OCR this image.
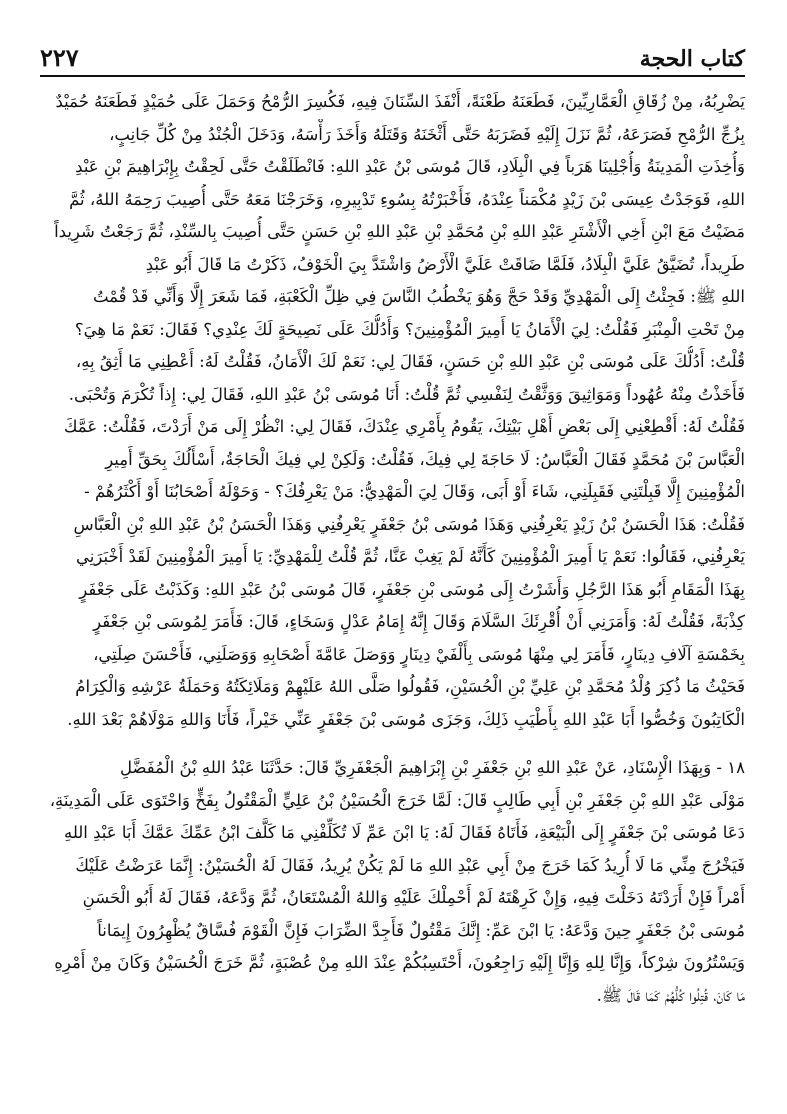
٢٢٧	كتاب الحجة
يَضْرِبُهُ، مِنْ زُقَاقِ الْعَمَّارِيِّينَ، فَطَعَنَهُ طَعْنَةً، أَنْفَذَ السِّنَانَ فِيهِ، فَكُسِرَ الرُّمْحُ وَحَمَلَ عَلَى حُمَيْدٍ فَطَعَنَهُ حُمَيْدٌ
بِزُجِّ الرُّمْحِ فَصَرَعَهُ، ثُمَّ نَزَلَ إِلَيْهِ فَضَرَبَهُ حَتَّى أَثْخَنَهُ وَقَتَلَهُ وَأَخَذَ رَأْسَهُ، وَدَخَلَ الْجُنْدُ مِنْ كُلِّ جَانِبٍ،
وَأُخِذَتِ الْمَدِينَةُ وَأُجْلِينَا هَرَباً فِي الْبِلَادِ، قَالَ مُوسَى بْنُ عَبْدِ اللهِ: فَانْطَلَقْتُ حَتَّى لَحِقْتُ بِإِبْرَاهِيمَ بْنِ عَبْدِ
اللهِ، فَوَجَدْتُ عِيسَى بْنَ زَيْدٍ مُكْمَناً عِنْدَهُ، فَأَخْبَرْتُهُ بِسُوءِ تَدْبِيرِهِ، وَخَرَجْنَا مَعَهُ حَتَّى أُصِيبَ رَحِمَهُ اللهُ، ثُمَّ
مَضَيْتُ مَعَ ابْنِ أَخِي الْأَشْتَرِ عَبْدِ اللهِ بْنِ مُحَمَّدِ بْنِ عَبْدِ اللهِ بْنِ حَسَنٍ حَتَّى أُصِيبَ بِالسِّنْدِ، ثُمَّ رَجَعْتُ شَرِيداً
طَرِيداً، تُضَيَّقُ عَلَيَّ الْبِلَادُ، فَلَمَّا ضَاقَتْ عَلَيَّ الْأَرْضُ وَاشْتَدَّ بِيَ الْخَوْفُ، ذَكَرْتُ مَا قَالَ أَبُو عَبْدِ
اللهِ ﷺ: فَجِئْتُ إِلَى الْمَهْدِيِّ وَقَدْ حَجَّ وَهُوَ يَخْطُبُ النَّاسَ فِي ظِلِّ الْكَعْبَةِ، فَمَا شَعَرَ إِلَّا وَأَنِّي قَدْ قُمْتُ
مِنْ تَحْتِ الْمِنْبَرِ فَقُلْتُ: لِيَ الْأَمَانُ يَا أَمِيرَ الْمُؤْمِنِينَ؟ وَأَدُلُّكَ عَلَى نَصِيحَةٍ لَكَ عِنْدِي؟ فَقَالَ: نَعَمْ مَا هِيَ؟
قُلْتُ: أَدُلُّكَ عَلَى مُوسَى بْنِ عَبْدِ اللهِ بْنِ حَسَنٍ، فَقَالَ لِي: نَعَمْ لَكَ الْأَمَانُ، فَقُلْتُ لَهُ: أَعْطِنِي مَا أَثِقُ بِهِ،
فَأَخَذْتُ مِنْهُ عُهُوداً وَمَوَاثِيقَ وَوَثَّقْتُ لِنَفْسِي ثُمَّ قُلْتُ: أَنَا مُوسَى بْنُ عَبْدِ اللهِ، فَقَالَ لِي: إِذاً تُكْرَمَ وَتُحْبَى.
فَقُلْتُ لَهُ: أَقْطِعْنِي إِلَى بَعْضِ أَهْلِ بَيْتِكَ، يَقُومُ بِأَمْرِي عِنْدَكَ، فَقَالَ لِي: انْظُرْ إِلَى مَنْ أَرَدْتَ، فَقُلْتُ: عَمَّكَ
الْعَبَّاسَ بْنَ مُحَمَّدٍ فَقَالَ الْعَبَّاسُ: لَا حَاجَةَ لِي فِيكَ، فَقُلْتُ: وَلَكِنْ لِي فِيكَ الْحَاجَةُ، أَسْأَلُكَ بِحَقِّ أَمِيرِ
الْمُؤْمِنِينَ إِلَّا قَبِلْتَنِي فَقَبِلَنِي، شَاءَ أَوْ أَبَى، وَقَالَ لِيَ الْمَهْدِيُّ: مَنْ يَعْرِفُكَ؟ - وَحَوْلَهُ أَصْحَابُنَا أَوْ أَكْثَرُهُمْ -
فَقُلْتُ: هَذَا الْحَسَنُ بْنُ زَيْدٍ يَعْرِفُنِي وَهَذَا مُوسَى بْنُ جَعْفَرٍ يَعْرِفُنِي وَهَذَا الْحَسَنُ بْنُ عَبْدِ اللهِ بْنِ الْعَبَّاسِ
يَعْرِفُنِي، فَقَالُوا: نَعَمْ يَا أَمِيرَ الْمُؤْمِنِينَ كَأَنَّهُ لَمْ يَغِبْ عَنَّا، ثُمَّ قُلْتُ لِلْمَهْدِيِّ: يَا أَمِيرَ الْمُؤْمِنِينَ لَقَدْ أَخْبَرَنِي
بِهَذَا الْمَقَامِ أَبُو هَذَا الرَّجُلِ وَأَشَرْتُ إِلَى مُوسَى بْنِ جَعْفَرٍ، قَالَ مُوسَى بْنُ عَبْدِ اللهِ: وَكَذَبْتُ عَلَى جَعْفَرٍ
كِذْبَةً، فَقُلْتُ لَهُ: وَأَمَرَنِي أَنْ أُقْرِئَكَ السَّلَامَ وَقَالَ إِنَّهُ إِمَامُ عَدْلٍ وَسَخَاءٍ، قَالَ: فَأَمَرَ لِمُوسَى بْنِ جَعْفَرٍ
بِخَمْسَةِ آلَافِ دِينَارٍ، فَأَمَرَ لِي مِنْهَا مُوسَى بِأَلْفَيْ دِينَارٍ وَوَصَلَ عَامَّةَ أَصْحَابِهِ وَوَصَلَنِي، فَأَحْسَنَ صِلَتِي،
فَحَيْثُ مَا ذُكِرَ وُلْدُ مُحَمَّدِ بْنِ عَلِيِّ بْنِ الْحُسَيْنِ، فَقُولُوا صَلَّى اللهُ عَلَيْهِمْ وَمَلَائِكَتُهُ وَحَمَلَةُ عَرْشِهِ وَالْكِرَامُ
الْكَاتِبُونَ وَخُصُّوا أَبَا عَبْدِ اللهِ بِأَطْيَبِ ذَلِكَ، وَجَزَى مُوسَى بْنَ جَعْفَرٍ عَنِّي خَيْراً، فَأَنَا وَاللهِ مَوْلَاهُمْ بَعْدَ اللهِ.
١٨ - وَبِهَذَا الْإِسْنَادِ، عَنْ عَبْدِ اللهِ بْنِ جَعْفَرِ بْنِ إِبْرَاهِيمَ الْجَعْفَرِيِّ قَالَ: حَدَّثَنَا عَبْدُ اللهِ بْنُ الْمُفَضَّلِ
مَوْلَى عَبْدِ اللهِ بْنِ جَعْفَرِ بْنِ أَبِي طَالِبٍ قَالَ: لَمَّا خَرَجَ الْحُسَيْنُ بْنُ عَلِيٍّ الْمَقْتُولُ بِفَخٍّ وَاحْتَوَى عَلَى الْمَدِينَةِ،
دَعَا مُوسَى بْنَ جَعْفَرٍ إِلَى الْبَيْعَةِ، فَأَتَاهُ فَقَالَ لَهُ: يَا ابْنَ عَمِّ لَا تُكَلِّفْنِي مَا كَلَّفَ ابْنُ عَمِّكَ عَمَّكَ أَبَا عَبْدِ اللهِ
فَيَخْرُجَ مِنِّي مَا لَا أُرِيدُ كَمَا خَرَجَ مِنْ أَبِي عَبْدِ اللهِ مَا لَمْ يَكُنْ يُرِيدُ، فَقَالَ لَهُ الْحُسَيْنُ: إِنَّمَا عَرَضْتُ عَلَيْكَ
أَمْراً فَإِنْ أَرَدْتَهُ دَخَلْتَ فِيهِ، وَإِنْ كَرِهْتَهُ لَمْ أَحْمِلْكَ عَلَيْهِ وَاللهُ الْمُسْتَعَانُ، ثُمَّ وَدَّعَهُ، فَقَالَ لَهُ أَبُو الْحَسَنِ
مُوسَى بْنُ جَعْفَرٍ حِينَ وَدَّعَهُ: يَا ابْنَ عَمِّ: إِنَّكَ مَقْتُولٌ فَأَجِدَّ الضِّرَابَ فَإِنَّ الْقَوْمَ فُسَّاقٌ يُظْهِرُونَ إِيمَاناً
وَيَسْتُرُونَ شِرْكاً، وَإِنَّا لِلهِ وَإِنَّا إِلَيْهِ رَاجِعُونَ، أَحْتَسِبُكُمْ عِنْدَ اللهِ مِنْ عُصْبَةٍ، ثُمَّ خَرَجَ الْحُسَيْنُ وَكَانَ مِنْ أَمْرِهِ
مَا كَانَ، قُتِلُوا كُلُّهُمْ كَمَا قَالَ ﷺ.
